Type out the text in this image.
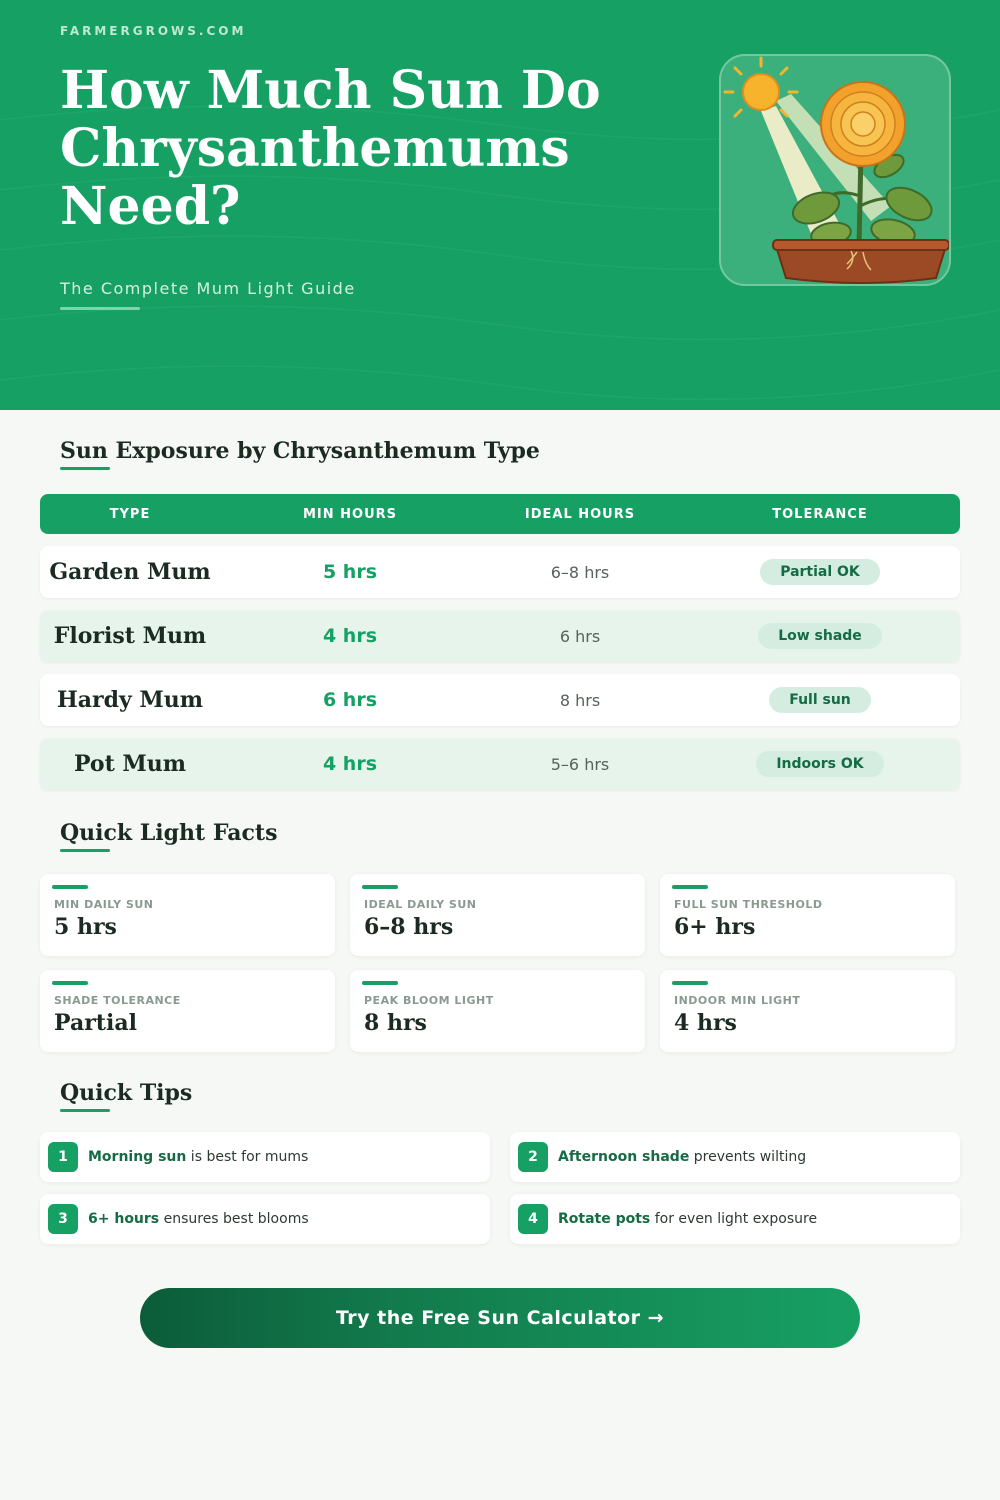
FARMERGROWS.COM
How Much Sun Do Chrysanthemums Need?
The Complete Mum Light Guide
Sun Exposure by Chrysanthemum Type
TYPE	MIN HOURS	IDEAL HOURS	TOLERANCE
Garden Mum	5 hrs	6–8 hrs	Partial OK
Florist Mum	4 hrs	6 hrs	Low shade
Hardy Mum	6 hrs	8 hrs	Full sun
Pot Mum	4 hrs	5–6 hrs	Indoors OK
Quick Light Facts
MIN DAILY SUN
5 hrs
IDEAL DAILY SUN
6–8 hrs
FULL SUN THRESHOLD
6+ hrs
SHADE TOLERANCE
Partial
PEAK BLOOM LIGHT
8 hrs
INDOOR MIN LIGHT
4 hrs
Quick Tips
1	Morning sun is best for mums	2	Afternoon shade prevents wilting
3	6+ hours ensures best blooms	4	Rotate pots for even light exposure
Try the Free Sun Calculator →
